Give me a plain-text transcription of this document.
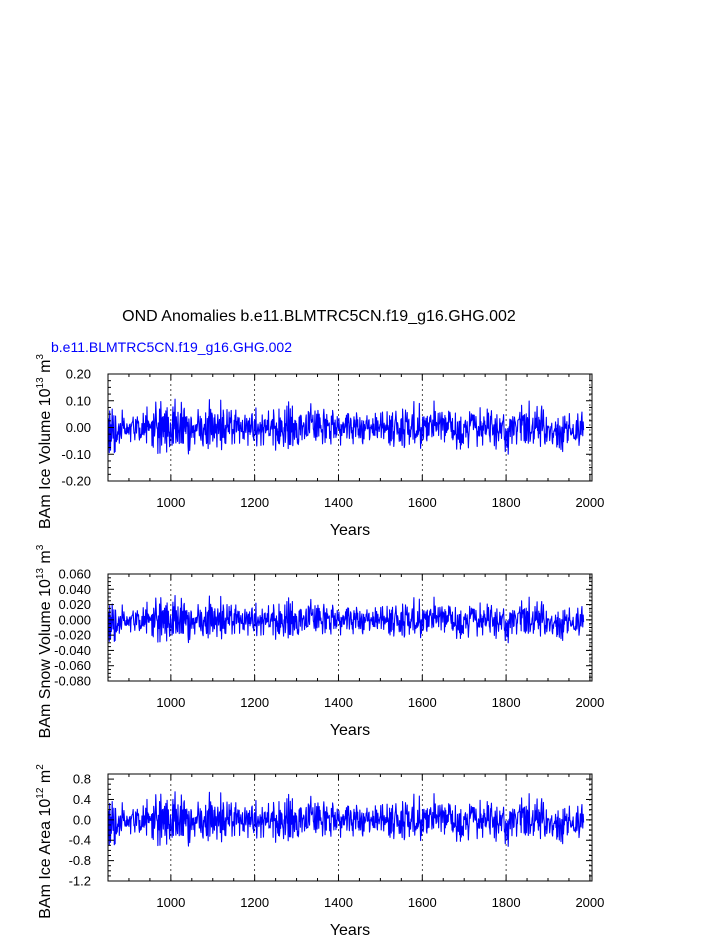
OND Anomalies b.e11.BLMTRC5CN.f19_g16.GHG.002
b.e11.BLMTRC5CN.f19_g16.GHG.002
1000	1200	1400	1600	1800	2000
-0.20
-0.10
0.00
0.10
0.20
Years
BAm Ice Volume $10^{13}$ $m^3$
1000	1200	1400	1600	1800	2000
-0.080
-0.060
-0.040
-0.020
0.000
0.020
0.040
0.060
Years
BAm Snow Volume $10^{13}$ $m^3$
1000	1200	1400	1600	1800	2000
-1.2
-0.8
-0.4
0.0
0.4
0.8
Years
BAm Ice Area $10^{12}$ $m^2$
